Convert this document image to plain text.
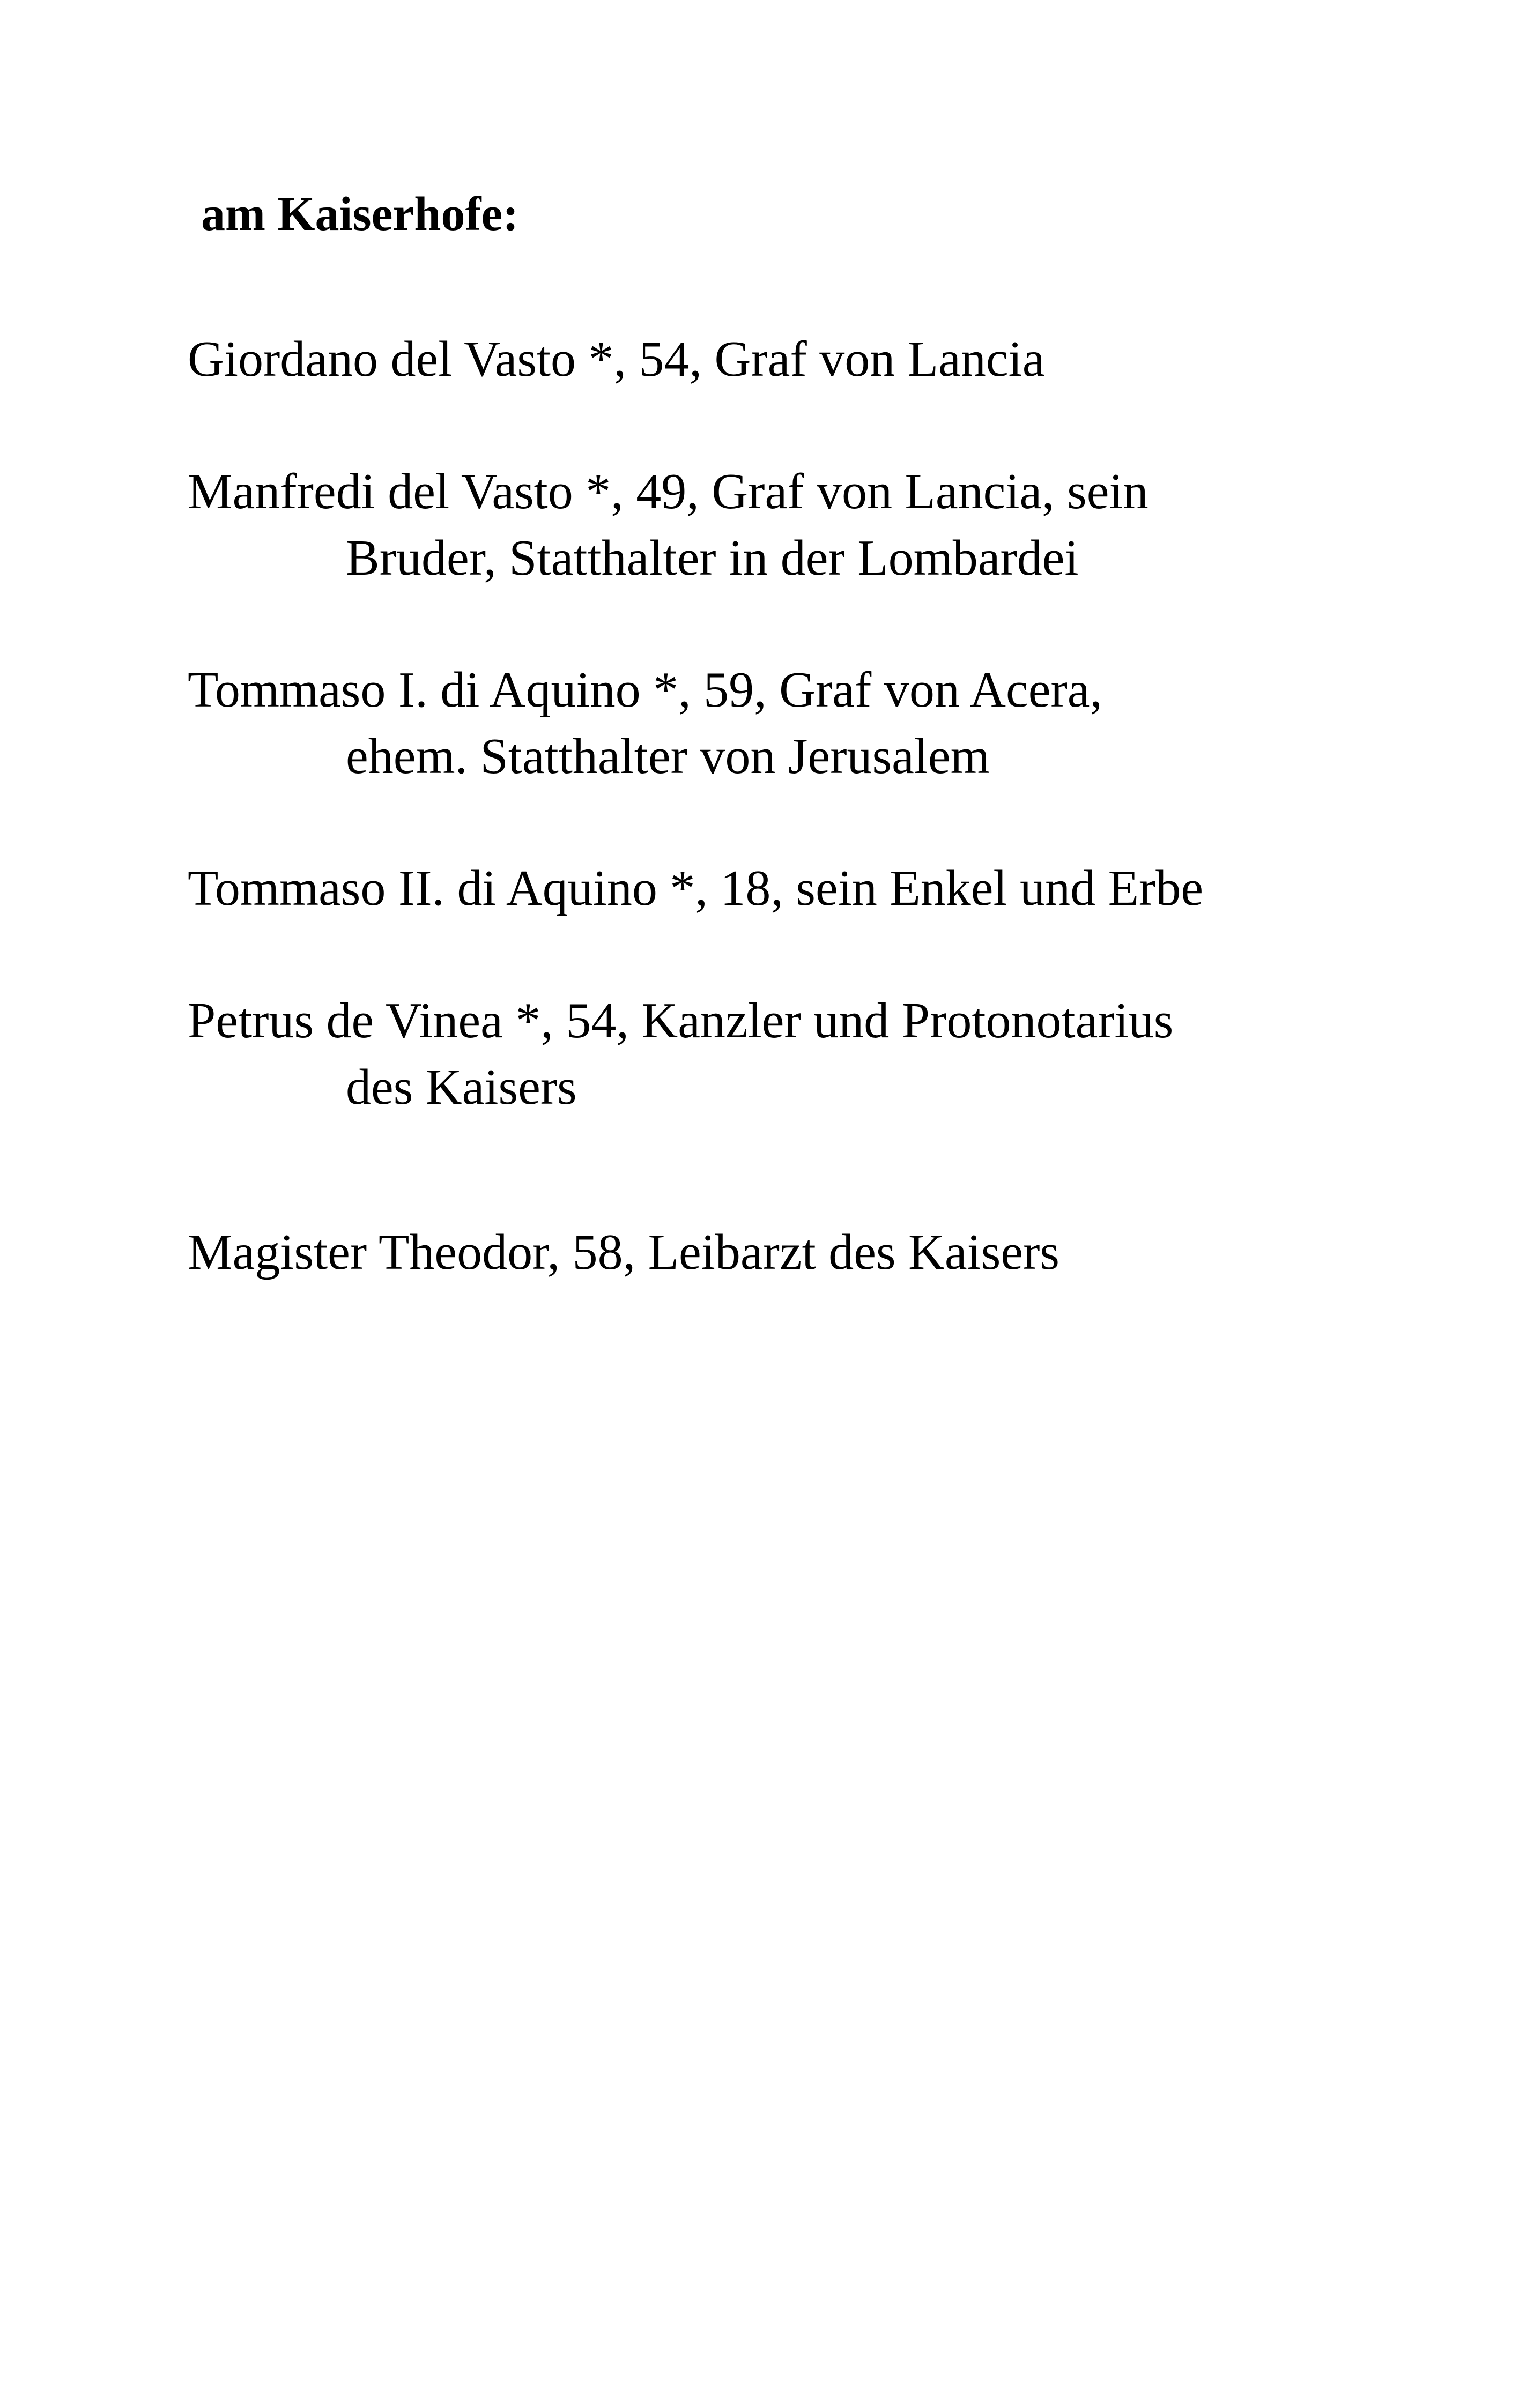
am Kaiserhofe:
Giordano del Vasto *, 54, Graf von Lancia
Manfredi del Vasto *, 49, Graf von Lancia, sein
Bruder, Statthalter in der Lombardei
Tommaso I. di Aquino *, 59, Graf von Acera,
ehem. Statthalter von Jerusalem
Tommaso II. di Aquino *, 18, sein Enkel und Erbe
Petrus de Vinea *, 54, Kanzler und Protonotarius
des Kaisers
Magister Theodor, 58, Leibarzt des Kaisers
